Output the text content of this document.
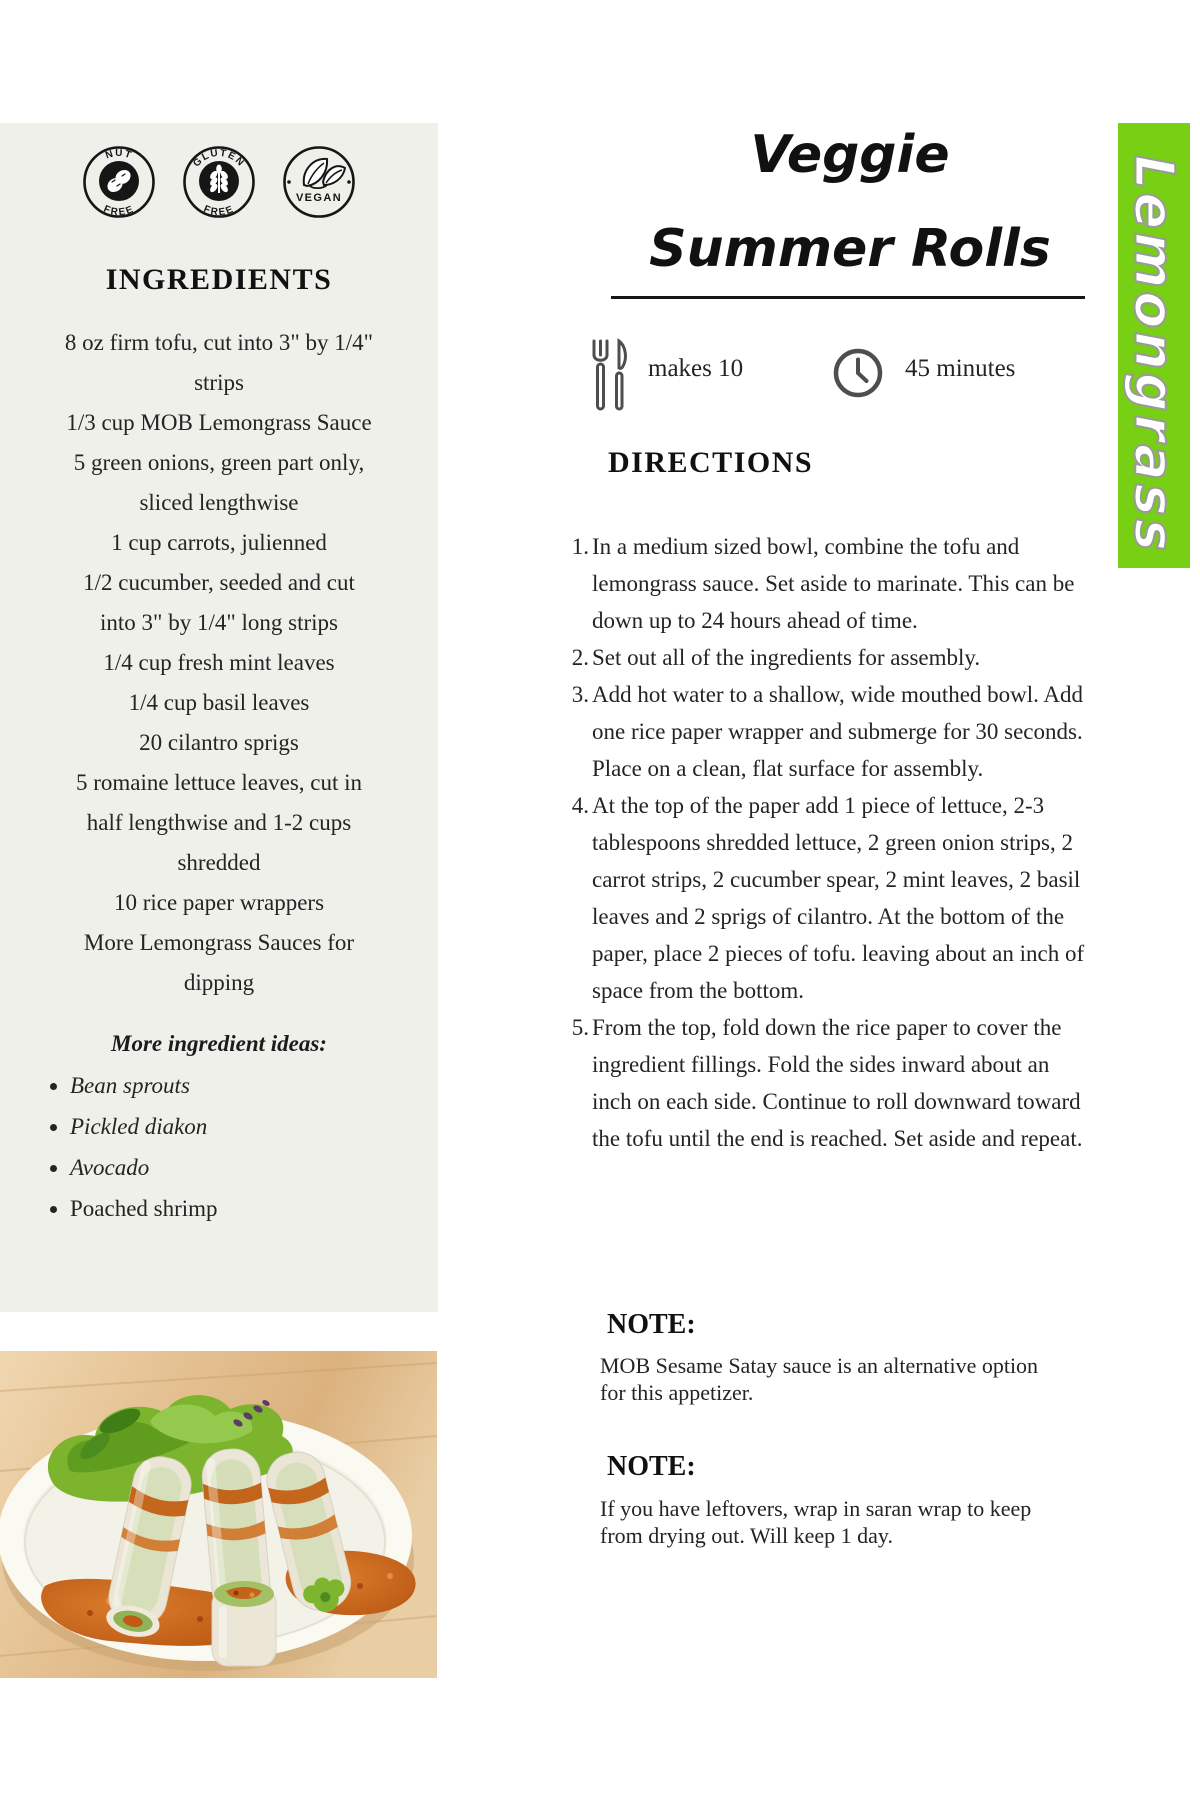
NUT
FREE
GLUTEN
FREE
VEGAN
INGREDIENTS

8 oz firm tofu, cut into 3" by 1/4" strips

1/3 cup MOB Lemongrass Sauce

5 green onions, green part only, sliced lengthwise

1 cup carrots, julienned

1/2 cucumber, seeded and cut into 3" by 1/4" long strips

1/4 cup fresh mint leaves

1/4 cup basil leaves

20 cilantro sprigs

5 romaine lettuce leaves, cut in half lengthwise and 1-2 cups shredded

10 rice paper wrappers

More Lemongrass Sauces for dipping

More ingredient ideas:
• Bean sprouts
• Pickled diakon
• Avocado
• Poached shrimp
Veggie
Summer Rolls
makes 10	45 minutes
DIRECTIONS
1. In a medium sized bowl, combine the tofu and lemongrass sauce. Set aside to marinate. This can be down up to 24 hours ahead of time.
2. Set out all of the ingredients for assembly.
3. Add hot water to a shallow, wide mouthed bowl. Add one rice paper wrapper and submerge for 30 seconds. Place on a clean, flat surface for assembly.
4. At the top of the paper add 1 piece of lettuce, 2-3 tablespoons shredded lettuce, 2 green onion strips, 2 carrot strips, 2 cucumber spear, 2 mint leaves, 2 basil leaves and 2 sprigs of cilantro. At the bottom of the paper, place 2 pieces of tofu. leaving about an inch of space from the bottom.
5. From the top, fold down the rice paper to cover the ingredient fillings. Fold the sides inward about an inch on each side. Continue to roll downward toward the tofu until the end is reached. Set aside and repeat.
NOTE:

MOB Sesame Satay sauce is an alternative option for this appetizer.

NOTE:

If you have leftovers, wrap in saran wrap to keep from drying out. Will keep 1 day.

Lemongrass
